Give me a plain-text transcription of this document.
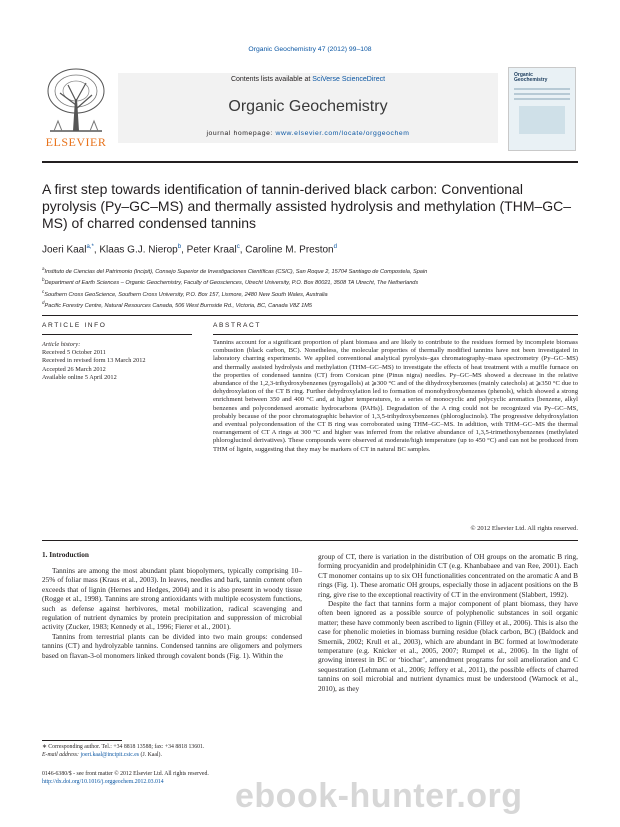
Organic Geochemistry 47 (2012) 99–108
ELSEVIER
Contents lists available at SciVerse ScienceDirect
Organic Geochemistry
journal homepage: www.elsevier.com/locate/orggeochem
Organic
Geochemistry
A first step towards identification of tannin-derived black carbon: Conventional pyrolysis (Py–GC–MS) and thermally assisted hydrolysis and methylation (THM–GC–MS) of charred condensed tannins
Joeri Kaal$^{a,*}$, Klaas G.J. Nierop$^b$, Peter Kraal$^c$, Caroline M. Preston$^d$
$^a$Instituto de Ciencias del Patrimonio (Incipit), Consejo Superior de Investigaciones Científicas (CSIC), San Roque 2, 15704 Santiago de Compostela, Spain
$^b$Department of Earth Sciences – Organic Geochemistry, Faculty of Geosciences, Utrecht University, P.O. Box 80021, 3508 TA Utrecht, The Netherlands
$^c$Southern Cross GeoScience, Southern Cross University, P.O. Box 157, Lismore, 2480 New South Wales, Australia
$^d$Pacific Forestry Centre, Natural Resources Canada, 506 West Burnside Rd., Victoria, BC, Canada V8Z 1M5
ARTICLE INFO
Article history:
Received 5 October 2011
Received in revised form 13 March 2012
Accepted 26 March 2012
Available online 5 April 2012
ABSTRACT
Tannins account for a significant proportion of plant biomass and are likely to contribute to the residues formed by incomplete biomass combustion (black carbon, BC). Nonetheless, the molecular properties of thermally modified tannins have not been investigated in laboratory charring experiments. We applied conventional analytical pyrolysis–gas chromatography–mass spectrometry (Py–GC–MS) and thermally assisted hydrolysis and methylation (THM–GC–MS) to investigate the effects of heat treatment with a muffle furnace on the properties of condensed tannins (CT) from Corsican pine (Pinus nigra) needles. Py–GC–MS showed a decrease in the relative abundance of the 1,2,3-trihydroxybenzenes (pyrogallols) at ⩾300 °C and of the dihydroxybenzenes (mainly catechols) at ⩾350 °C due to dehydroxylation of the CT B ring. Further dehydroxylation led to formation of monohydroxybenzenes (phenols), which showed a strong enrichment between 350 and 400 °C and, at higher temperatures, to a series of monocyclic and polycyclic aromatics [benzene, alkyl benzenes and polycondensed aromatic hydrocarbons (PAHs)]. Degradation of the A ring could not be recognized via Py–GC–MS, probably because of the poor chromatographic behavior of 1,3,5-trihydroxybenzenes (phloroglucinols). The progressive dehydroxylation and eventual polycondensation of the CT B ring was corroborated using THM–GC–MS. In addition, with THM–GC–MS the thermal rearrangement of CT A rings at 300 °C and higher was inferred from the relative abundance of 1,3,5-trimethoxybenzenes (methylated phloroglucinol derivatives). These compounds were observed at moderate/high temperature (up to 450 °C) and can not be produced from THM of lignin, suggesting that they may be markers of CT in natural BC samples.
© 2012 Elsevier Ltd. All rights reserved.
1. Introduction

Tannins are among the most abundant plant biopolymers, typically comprising 10–25% of foliar mass (Kraus et al., 2003). In leaves, needles and bark, tannin content often exceeds that of lignin (Hernes and Hedges, 2004) and it is also present in woody tissue (Rogge et al., 1998). Tannins are strong antioxidants with multiple ecosystem functions, such as defense against herbivores, metal mobilization, radical scavenging and regulation of nutrient dynamics by protein precipitation and suppression of microbial activity (Zucker, 1983; Kennedy et al., 1996; Fierer et al., 2001).

Tannins from terrestrial plants can be divided into two main groups: condensed tannins (CT) and hydrolyzable tannins. Condensed tannins are oligomers and polymers based on flavan-3-ol monomers linked through covalent bonds (Fig. 1). Within the

group of CT, there is variation in the distribution of OH groups on the aromatic B ring, forming procyanidin and prodelphinidin CT (e.g. Khanbabaee and van Ree, 2001). Each CT monomer contains up to six OH functionalities concentrated on the aromatic A and B rings (Fig. 1). These aromatic OH groups, especially those in adjacent positions on the B ring, give rise to the exceptional reactivity of CT in the environment (Slabbert, 1992).

Despite the fact that tannins form a major component of plant biomass, they have often been ignored as a possible source of polyphenolic substances in soil organic matter; these have commonly been ascribed to lignin (Filley et al., 2006). This is also the case for phenolic moieties in biomass burning residue (black carbon, BC) (Baldock and Smernik, 2002; Krull et al., 2003), which are abundant in BC formed at low/moderate temperature (e.g. Knicker et al., 2005, 2007; Rumpel et al., 2006). In the light of growing interest in BC or ‘biochar’, amendment programs for soil amelioration and C sequestration (Lehmann et al., 2006; Jeffery et al., 2011), the possible effects of charred tannins on soil microbial and nutrient dynamics must be understood (Warnock et al., 2010), as they

∗ Corresponding author. Tel.: +34 8818 13588; fax: +34 8818 13601.
E-mail address: joeri.kaal@incipit.csic.es (J. Kaal).
0146-6380/$ - see front matter © 2012 Elsevier Ltd. All rights reserved.
http://dx.doi.org/10.1016/j.orggeochem.2012.03.014	ebook-hunter.org
